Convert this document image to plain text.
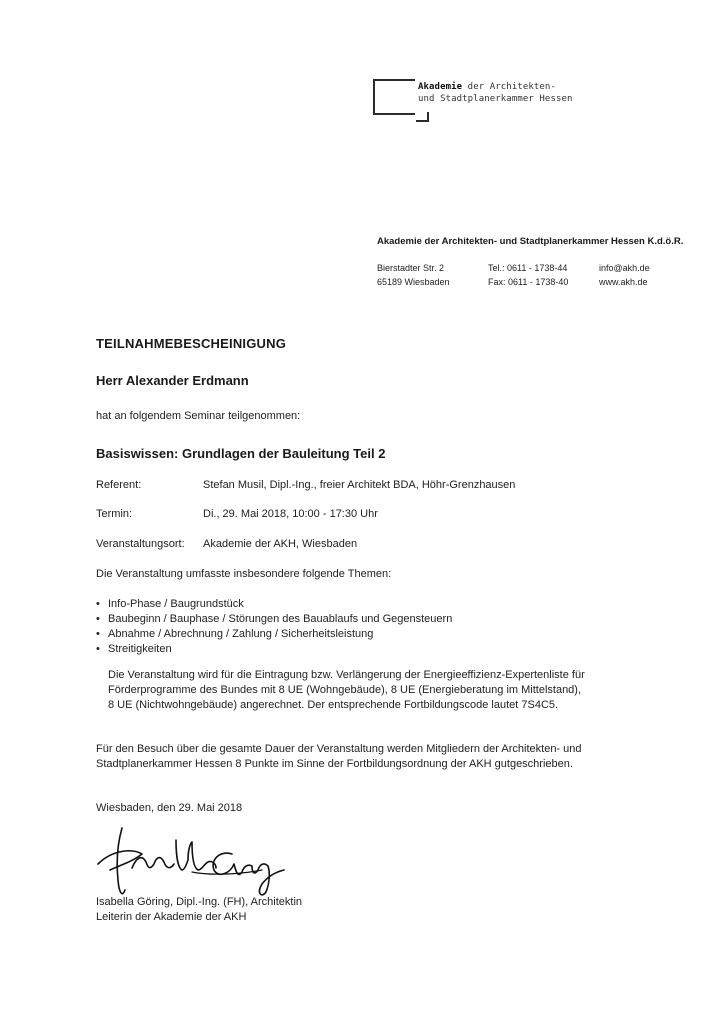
Akademie der Architekten-
und Stadtplanerkammer Hessen
Akademie der Architekten- und Stadtplanerkammer Hessen K.d.ö.R.
Bierstadter Str. 2
65189 Wiesbaden
Tel.: 0611 - 1738-44
Fax: 0611 - 1738-40
info@akh.de
www.akh.de
TEILNAHMEBESCHEINIGUNG
Herr Alexander Erdmann
hat an folgendem Seminar teilgenommen:
Basiswissen: Grundlagen der Bauleitung Teil 2
Referent:	Stefan Musil, Dipl.-Ing., freier Architekt BDA, Höhr-Grenzhausen
Termin:	Di., 29. Mai 2018, 10:00 - 17:30 Uhr
Veranstaltungsort: Akademie der AKH, Wiesbaden
Die Veranstaltung umfasste insbesondere folgende Themen:
• Info-Phase / Baugrundstück
• Baubeginn / Bauphase / Störungen des Bauablaufs und Gegensteuern
• Abnahme / Abrechnung / Zahlung / Sicherheitsleistung
• Streitigkeiten
Die Veranstaltung wird für die Eintragung bzw. Verlängerung der Energieeffizienz-Expertenliste für
Förderprogramme des Bundes mit 8 UE (Wohngebäude), 8 UE (Energieberatung im Mittelstand),
8 UE (Nichtwohngebäude) angerechnet. Der entsprechende Fortbildungscode lautet 7S4C5.
Für den Besuch über die gesamte Dauer der Veranstaltung werden Mitgliedern der Architekten- und
Stadtplanerkammer Hessen 8 Punkte im Sinne der Fortbildungsordnung der AKH gutgeschrieben.
Wiesbaden, den 29. Mai 2018
Isabella Göring, Dipl.-Ing. (FH), Architektin
Leiterin der Akademie der AKH
